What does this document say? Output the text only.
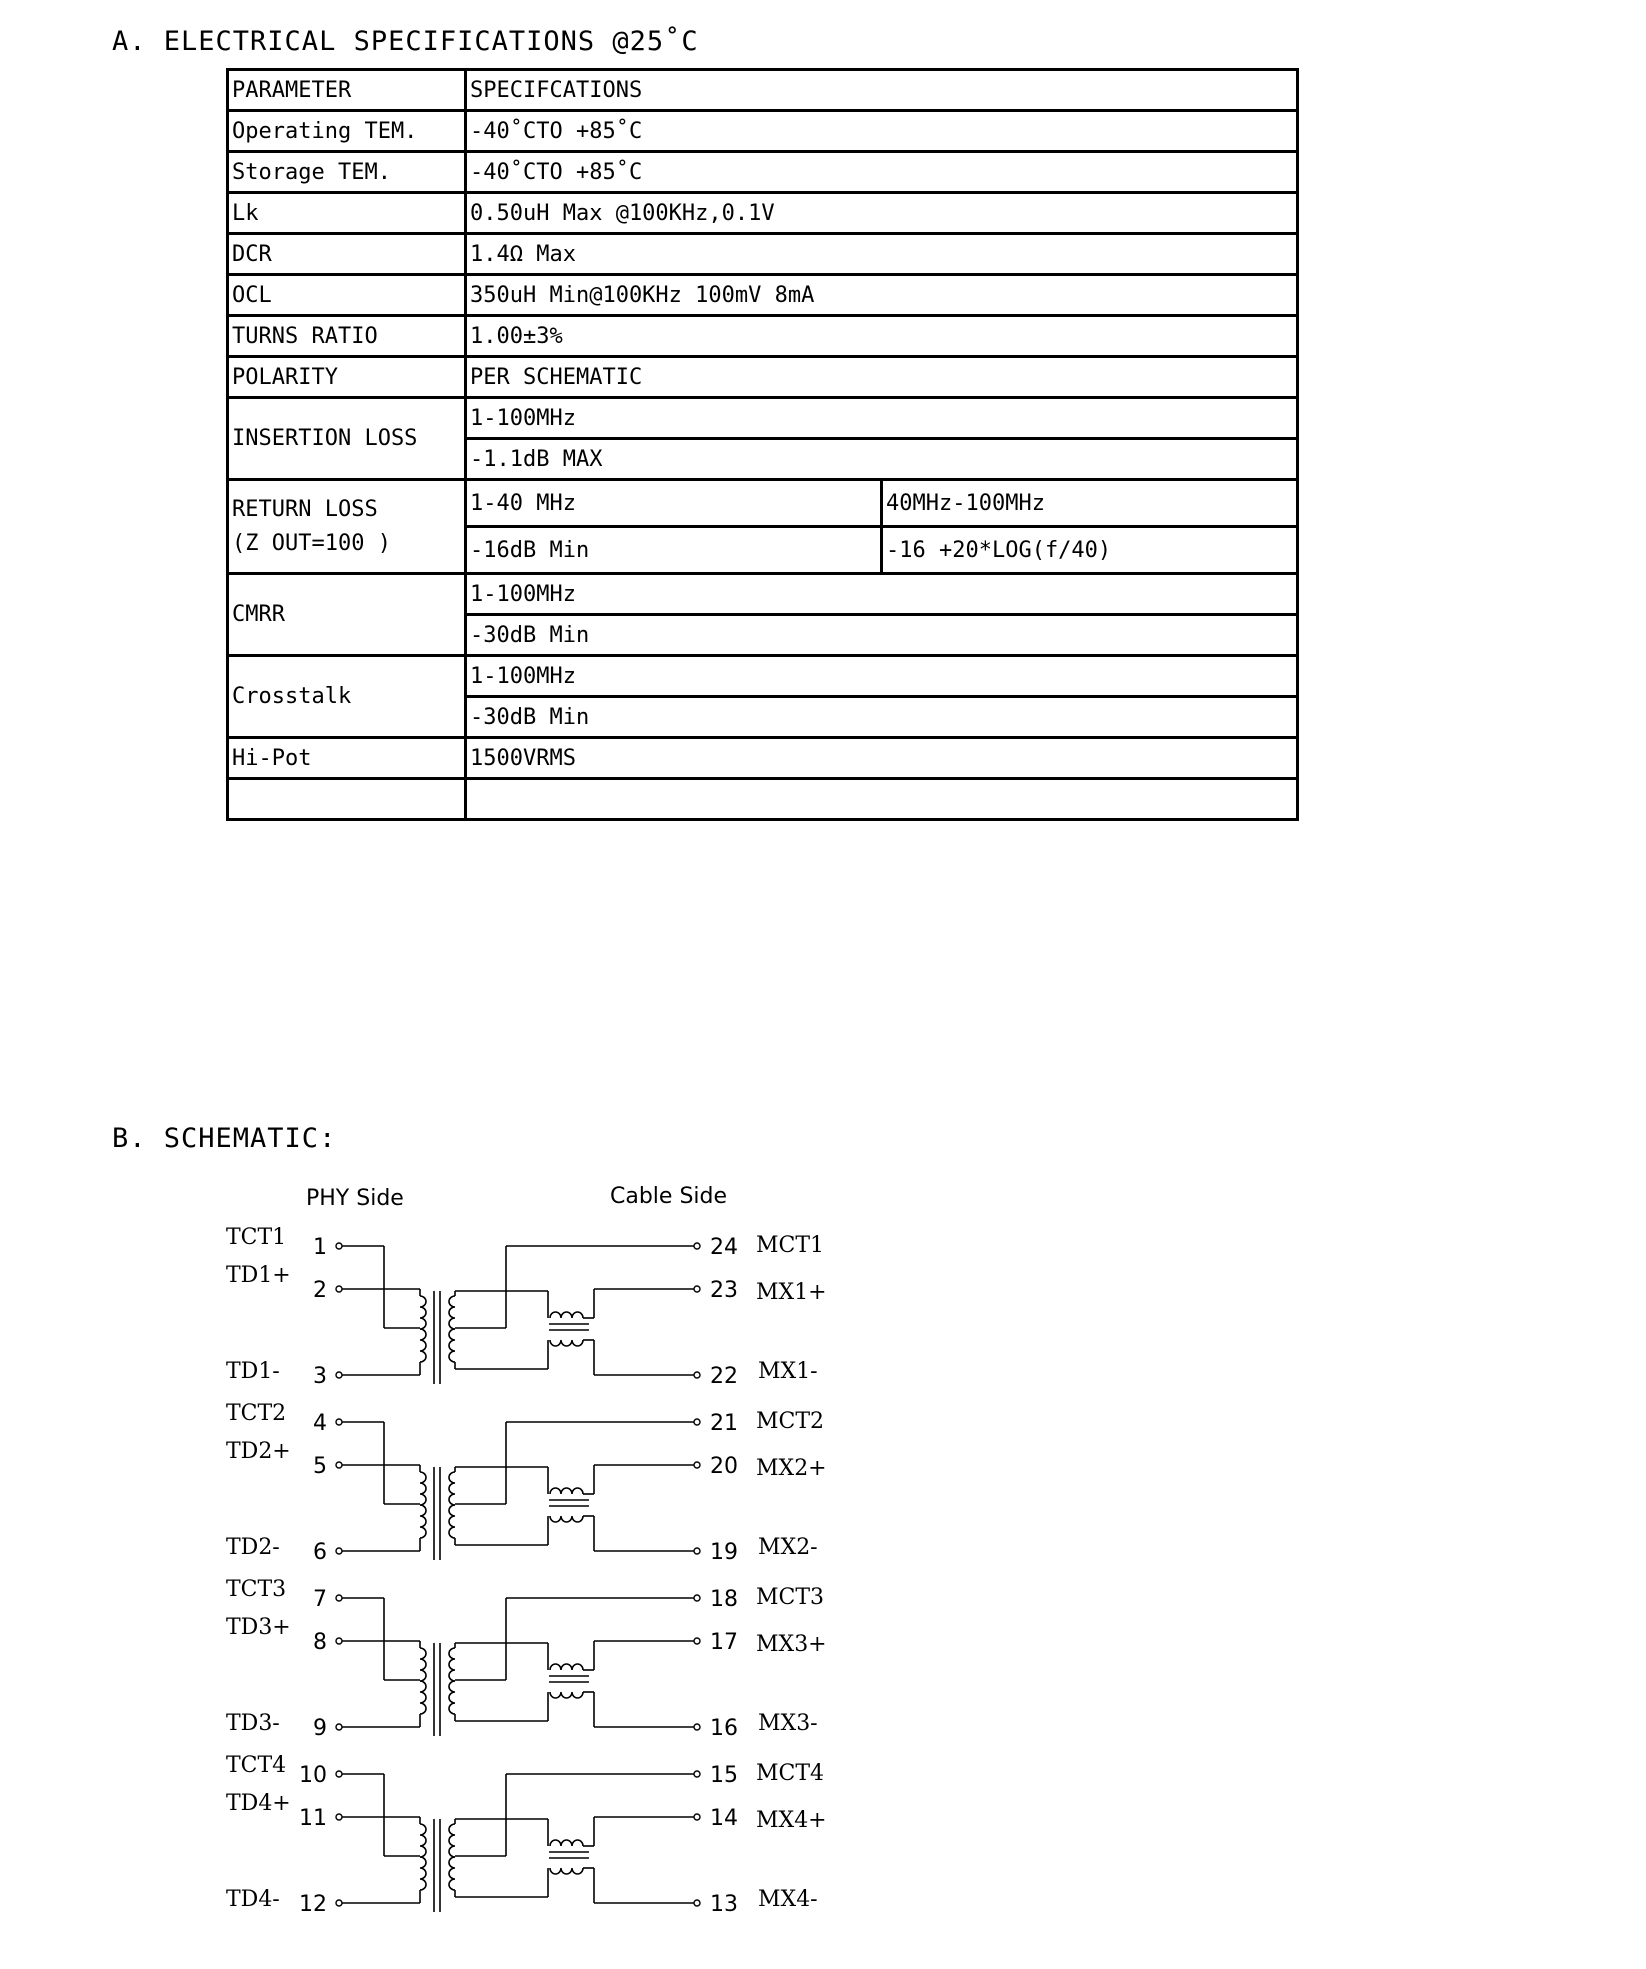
A. ELECTRICAL SPECIFICATIONS @25˚C
PARAMETER	SPECIFCATIONS	
Operating TEM.	-40˚CTO +85˚C	
Storage TEM.	-40˚CTO +85˚C	
Lk	0.50uH Max @100KHz,0.1V	
DCR	1.4Ω Max	
OCL	350uH Min@100KHz 100mV 8mA	
TURNS RATIO	1.00±3%	
POLARITY	PER SCHEMATIC	
INSERTION LOSS	1-100MHz	
	-1.1dB MAX	

RETURN LOSS
(Z OUT=100 )	1-40 MHz	40MHz-100MHz
	-16dB Min	-16 +20*LOG(f/40)
CMRR	1-100MHz	
	-30dB Min	
Crosstalk	1-100MHz	
	-30dB Min	
Hi-Pot	1500VRMS	

B. SCHEMATIC:
PHY Side	Cable Side
TCT1
TD1+
TD1-
1
2
3
24
23
22
MCT1
MX1+
MX1-
TCT2
TD2+
TD2-
4
5
6
21
20
19
MCT2
MX2+
MX2-
TCT3
TD3+
TD3-
7
8
9
18
17
16
MCT3
MX3+
MX3-
TCT4
TD4+
TD4-
10
11
12
15
14
13
MCT4
MX4+
MX4-
